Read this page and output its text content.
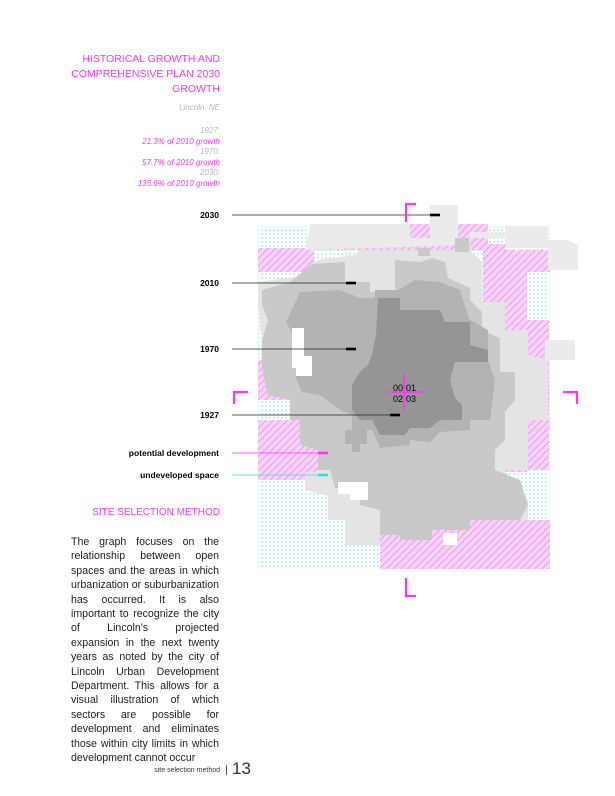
HISTORICAL GROWTH AND COMPREHENSIVE PLAN 2030 GROWTH
Lincoln, NE
1927:
21.3% of 2010 growth
1970:
57.7% of 2010 growth
2030:
135.6% of 2010 growth
00 01
02 03
2030
2010
1970
1927
potential development
undeveloped space
SITE SELECTION METHOD
The graph focuses on the relationship between open spaces and the areas in which urbanization or suburbanization has occurred. It is also important to recognize the city of Lincoln's projected expansion in the next twenty years as noted by the city of Lincoln Urban Development Department. This allows for a visual illustration of which sectors are possible for development and eliminates those within city limits in which development cannot occur
site selection method 13
